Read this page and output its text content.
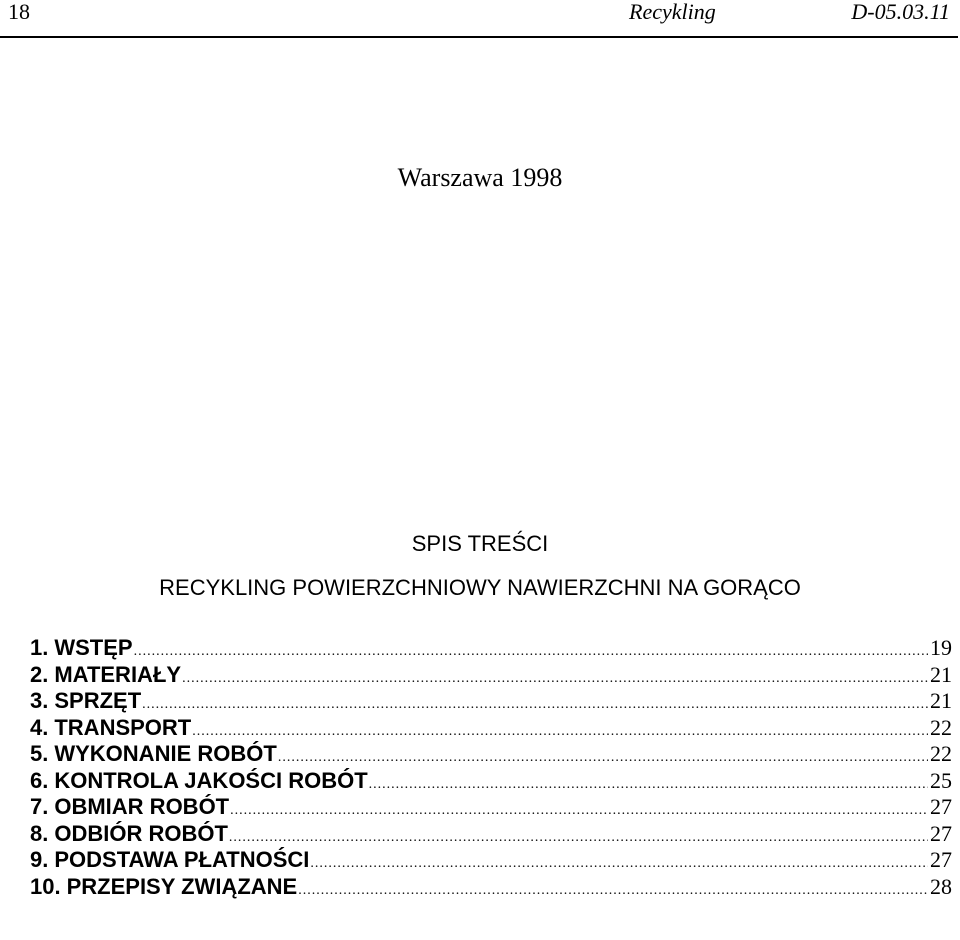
18	Recykling	D-05.03.11
Warszawa 1998
SPIS TREŚCI
RECYKLING POWIERZCHNIOWY NAWIERZCHNI NA GORĄCO
1. WSTĘP .....	19
2. MATERIAŁY .....	21
3. SPRZĘT .....	21
4. TRANSPORT .....	22
5. WYKONANIE ROBÓT .....	22
6. KONTROLA JAKOŚCI ROBÓT .....	25
7. OBMIAR ROBÓT .....	27
8. ODBIÓR ROBÓT .....	27
9. PODSTAWA PŁATNOŚCI .....	27
10. PRZEPISY ZWIĄZANE .....	28
